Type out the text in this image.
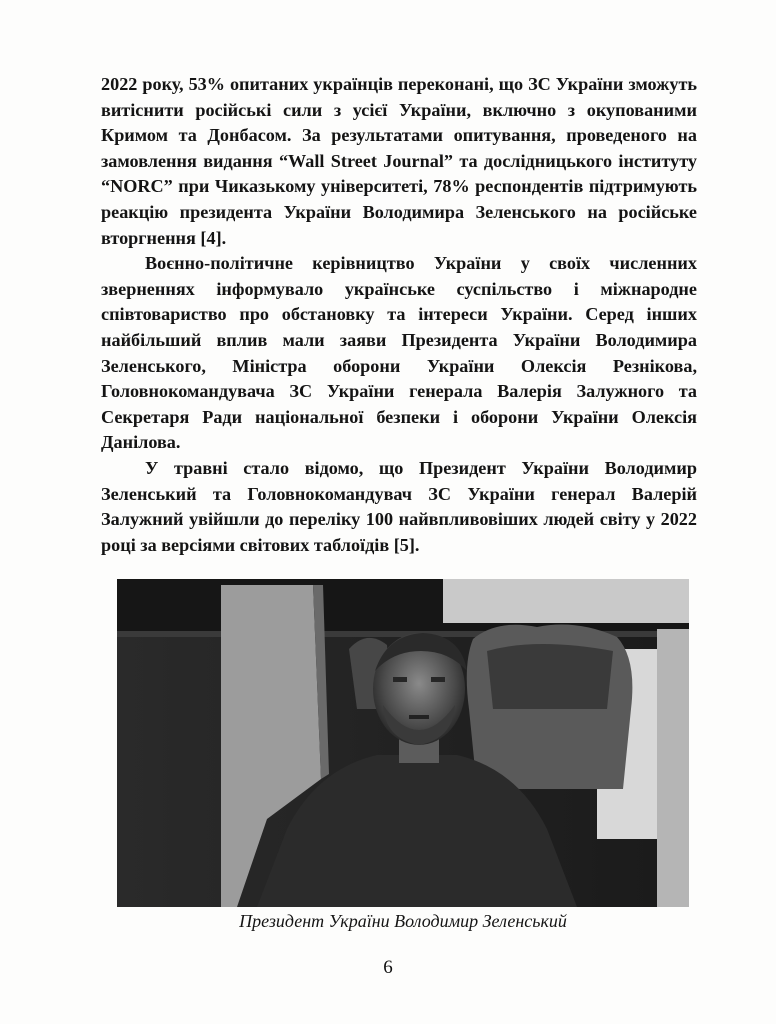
2022 року, 53% опитаних українців переконані, що ЗС України зможуть витіснити російські сили з усієї України, включно з окупованими Кримом та Донбасом. За результатами опитування, проведеного на замовлення видання “Wall Street Journal” та дослідницького інституту “NORC” при Чиказькому університеті, 78% респондентів підтримують реакцію президента України Володимира Зеленського на російське вторгнення [4].

Воєнно-політичне керівництво України у своїх численних зверненнях інформувало українське суспільство і міжнародне співтовариство про обстановку та інтереси України. Серед інших найбільший вплив мали заяви Президента України Володимира Зеленського, Міністра оборони України Олексія Резнікова, Головнокомандувача ЗС України генерала Валерія Залужного та Секретаря Ради національної безпеки і оборони України Олексія Данілова.

У травні стало відомо, що Президент України Володимир Зеленський та Головнокомандувач ЗС України генерал Валерій Залужний увійшли до переліку 100 найвпливовіших людей світу у 2022 році за версіями світових таблоїдів [5].

Президент України Володимир Зеленський
6
